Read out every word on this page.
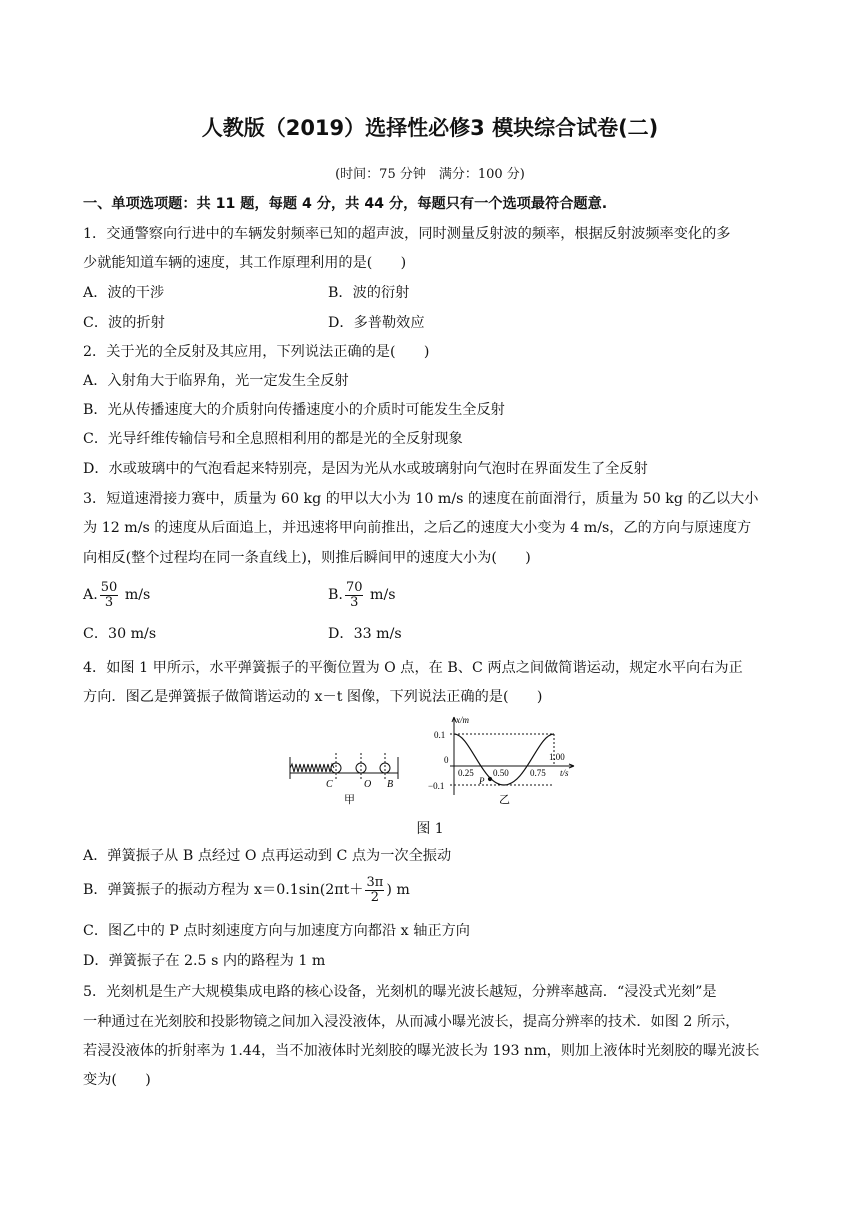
人教版（2019）选择性必修3 模块综合试卷(二)
(时间：75 分钟　满分：100 分)
一、单项选项题：共 11 题，每题 4 分，共 44 分，每题只有一个选项最符合题意.
1．交通警察向行进中的车辆发射频率已知的超声波，同时测量反射波的频率，根据反射波频率变化的多
少就能知道车辆的速度，其工作原理利用的是(　　)
A．波的干涉	B．波的衍射
C．波的折射	D．多普勒效应
2．关于光的全反射及其应用，下列说法正确的是(　　)
A．入射角大于临界角，光一定发生全反射
B．光从传播速度大的介质射向传播速度小的介质时可能发生全反射
C．光导纤维传输信号和全息照相利用的都是光的全反射现象
D．水或玻璃中的气泡看起来特别亮，是因为光从水或玻璃射向气泡时在界面发生了全反射
3．短道速滑接力赛中，质量为 60 kg 的甲以大小为 10 m/s 的速度在前面滑行，质量为 50 kg 的乙以大小
为 12 m/s 的速度从后面追上，并迅速将甲向前推出，之后乙的速度大小变为 4 m/s，乙的方向与原速度方
向相反(整个过程均在同一条直线上)，则推后瞬间甲的速度大小为(　　)
A. $\frac{50}{3} m/s$	B. $\frac{70}{3} m/s$
C．30 m/s	D．33 m/s
4．如图 1 甲所示，水平弹簧振子的平衡位置为 O 点，在 B、C 两点之间做简谐运动，规定水平向右为正
方向．图乙是弹簧振子做简谐运动的 x－t 图像，下列说法正确的是(　　)
C	O B
甲
x/m
t/s
0.1
−0.1
0
0.25 0.50 0.75
1.00
P
乙
图 1
A．弹簧振子从 B 点经过 O 点再运动到 C 点为一次全振动
B．弹簧振子的振动方程为 $x=0.1\sin(2\pi t+ \frac{3\pi}{2}$ ) m
C．图乙中的 P 点时刻速度方向与加速度方向都沿 x 轴正方向
D．弹簧振子在 2.5 s 内的路程为 1 m
5．光刻机是生产大规模集成电路的核心设备，光刻机的曝光波长越短，分辨率越高．“浸没式光刻”是
一种通过在光刻胶和投影物镜之间加入浸没液体，从而减小曝光波长，提高分辨率的技术．如图 2 所示，
若浸没液体的折射率为 1.44，当不加液体时光刻胶的曝光波长为 193 nm，则加上液体时光刻胶的曝光波长
变为(　　)
